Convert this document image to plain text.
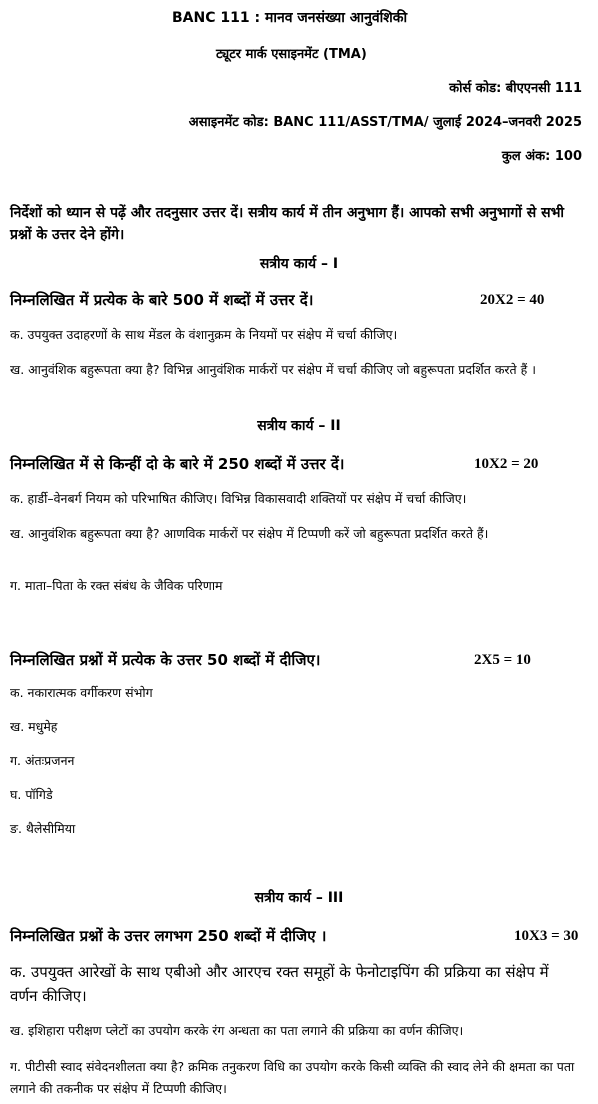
BANC 111 : मानव जनसंख्या आनुवंशिकी
ट्यूटर मार्क एसाइनमेंट (TMA)
कोर्स कोड: बीएएनसी 111
असाइनमेंट कोड: BANC 111/ASST/TMA/ जुलाई 2024–जनवरी 2025
कुल अंक: 100
निर्देशों को ध्यान से पढ़ें और तदनुसार उत्तर दें। सत्रीय कार्य में तीन अनुभाग हैं। आपको सभी अनुभागों से सभी प्रश्नों के उत्तर देने होंगे।
सत्रीय कार्य – I
निम्नलिखित में प्रत्येक के बारे 500 में शब्दों में उत्तर दें।	20X2 = 40
क. उपयुक्त उदाहरणों के साथ मेंडल के वंशानुक्रम के नियमों पर संक्षेप में चर्चा कीजिए।
ख. आनुवंशिक बहुरूपता क्या है? विभिन्न आनुवंशिक मार्करों पर संक्षेप में चर्चा कीजिए जो बहुरूपता प्रदर्शित करते हैं ।
सत्रीय कार्य – II
निम्नलिखित में से किन्हीं दो के बारे में 250 शब्दों में उत्तर दें।	10X2 = 20
क. हार्डी–वेनबर्ग नियम को परिभाषित कीजिए। विभिन्न विकासवादी शक्तियों पर संक्षेप में चर्चा कीजिए।
ख. आनुवंशिक बहुरूपता क्या है? आणविक मार्करों पर संक्षेप में टिप्पणी करें जो बहुरूपता प्रदर्शित करते हैं।
ग. माता–पिता के रक्त संबंध के जैविक परिणाम
निम्नलिखित प्रश्नों में प्रत्येक के उत्तर 50 शब्दों में दीजिए।	2X5 = 10
क. नकारात्मक वर्गीकरण संभोग
ख. मधुमेह
ग. अंतःप्रजनन
घ. पॉगिडे
ङ. थैलेसीमिया
सत्रीय कार्य – III
निम्नलिखित प्रश्नों के उत्तर लगभग 250 शब्दों में दीजिए ।	10X3 = 30
क. उपयुक्त आरेखों के साथ एबीओ और आरएच रक्त समूहों के फेनोटाइपिंग की प्रक्रिया का संक्षेप में वर्णन कीजिए।
ख. इशिहारा परीक्षण प्लेटों का उपयोग करके रंग अन्धता का पता लगाने की प्रक्रिया का वर्णन कीजिए।
ग. पीटीसी स्वाद संवेदनशीलता क्या है? क्रमिक तनुकरण विधि का उपयोग करके किसी व्यक्ति की स्वाद लेने की क्षमता का पता लगाने की तकनीक पर संक्षेप में टिप्पणी कीजिए।
